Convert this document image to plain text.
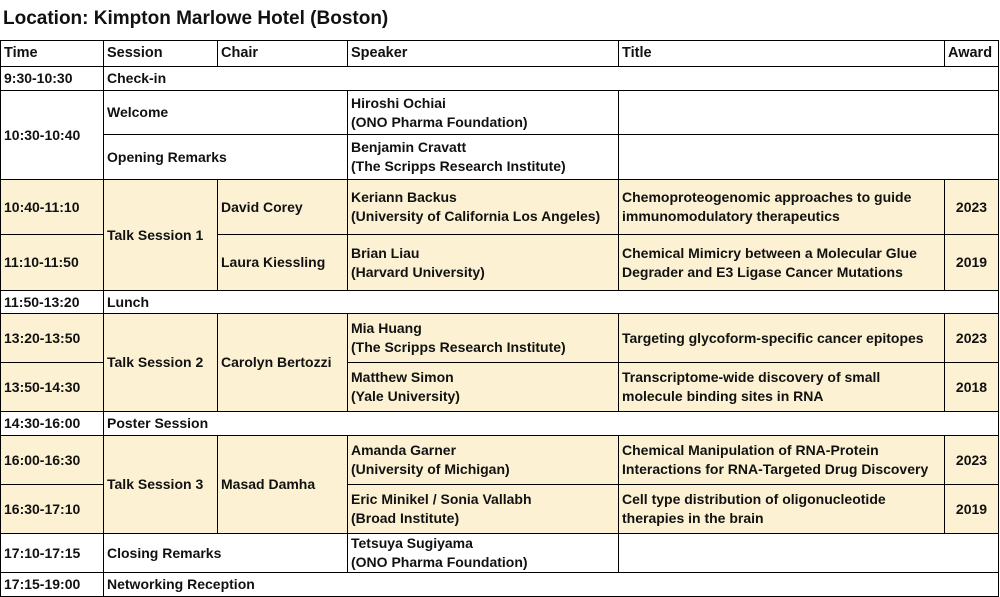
Location: Kimpton Marlowe Hotel (Boston)
Time	Session	Chair	Speaker	Title	Award
9:30-10:30	Check-in				
10:30-10:40	Welcome		Hiroshi Ochiai
(ONO Pharma Foundation)		

	Opening Remarks		Benjamin Cravatt
(The Scripps Research Institute)		

10:40-11:10	Talk Session 1	David Corey	Keriann Backus
(University of California Los Angeles)	Chemoproteogenomic approaches to guide
immunomodulatory therapeutics	2023
11:10-11:50		Laura Kiessling	Brian Liau
(Harvard University)	Chemical Mimicry between a Molecular Glue
Degrader and E3 Ligase Cancer Mutations	2019
11:50-13:20	Lunch				
13:20-13:50	Talk Session 2	Carolyn Bertozzi	Mia Huang
(The Scripps Research Institute)	Targeting glycoform-specific cancer epitopes	2023
13:50-14:30			Matthew Simon
(Yale University)	Transcriptome-wide discovery of small
molecule binding sites in RNA	2018
14:30-16:00	Poster Session				
16:00-16:30	Talk Session 3	Masad Damha	Amanda Garner
(University of Michigan)	Chemical Manipulation of RNA-Protein
Interactions for RNA-Targeted Drug Discovery	2023
16:30-17:10			Eric Minikel / Sonia Vallabh
(Broad Institute)	Cell type distribution of oligonucleotide
therapies in the brain	2019
17:10-17:15	Closing Remarks		Tetsuya Sugiyama
(ONO Pharma Foundation)		

17:15-19:00	Networking Reception				
